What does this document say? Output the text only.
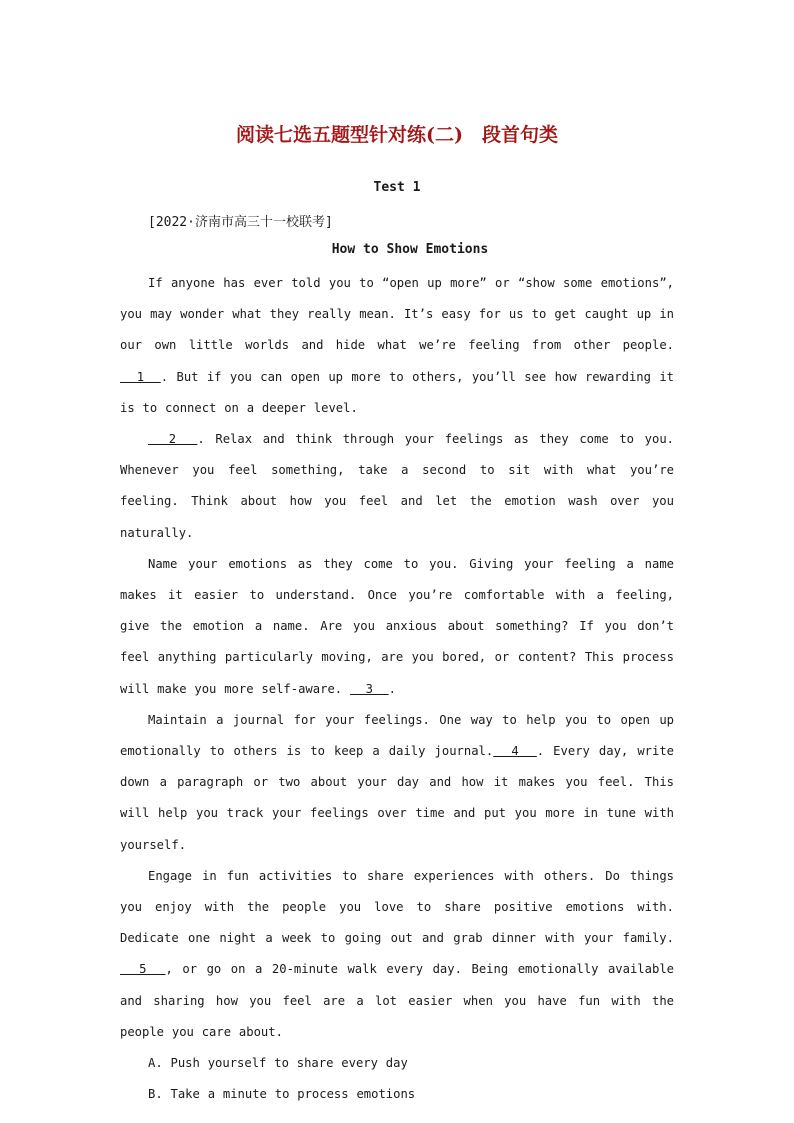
阅读七选五题型针对练(二)　段首句类
Test 1
[2022·济南市高三十一校联考]
How to Show Emotions

If anyone has ever told you to “open up more” or “show some emotions”, you may wonder what they really mean. It’s easy for us to get caught up in our own little worlds and hide what we’re feeling from other people.   1  . But if you can open up more to others, you’ll see how rewarding it is to connect on a deeper level.

2  . Relax and think through your feelings as they come to you. Whenever you feel something, take a second to sit with what you’re feeling. Think about how you feel and let the emotion wash over you naturally.

Name your emotions as they come to you. Giving your feeling a name makes it easier to understand. Once you’re comfortable with a feeling, give the emotion a name. Are you anxious about something? If you don’t feel anything particularly moving, are you bored, or content? This process will make you more self-aware.   3  .

Maintain a journal for your feelings. One way to help you to open up emotionally to others is to keep a daily journal.  4  . Every day, write down a paragraph or two about your day and how it makes you feel. This will help you track your feelings over time and put you more in tune with yourself.

Engage in fun activities to share experiences with others. Do things you enjoy with the people you love to share positive emotions with. Dedicate one night a week to going out and grab dinner with your family.  5  , or go on a 20-minute walk every day. Being emotionally available and sharing how you feel are a lot easier when you have fun with the people you care about.

A. Push yourself to share every day

B. Take a minute to process emotions
